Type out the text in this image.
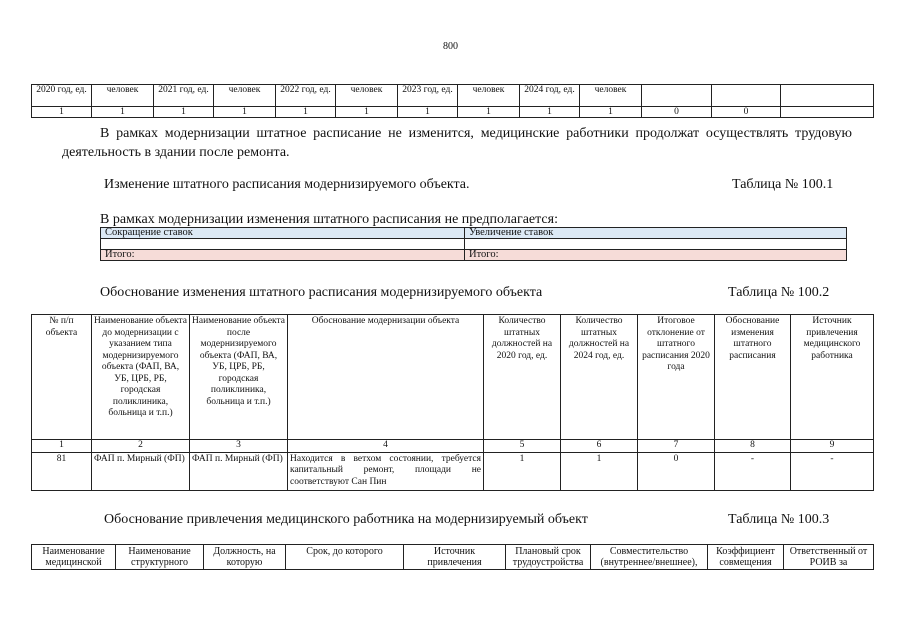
800
2020 год, ед.	человек	2021 год, ед.	человек	2022 год, ед.	человек	2023 год, ед.	человек	2024 год, ед.	человек			
1	1	1	1	1	1	1	1	1	1	0	0	
В рамках модернизации штатное расписание не изменится, медицинские работники продолжат осуществлять трудовую деятельность в здании после ремонта.
Изменение штатного расписания модернизируемого объекта.	Таблица № 100.1
В рамках модернизации изменения штатного расписания не предполагается:
Сокращение ставок	Увеличение ставок

Итого:	Итого:
Обоснование изменения штатного расписания модернизируемого объекта	Таблица № 100.2
№ п/п объекта	Наименование объекта до модернизации с указанием типа модернизируемого объекта (ФАП, ВА, УБ, ЦРБ, РБ, городская поликлиника, больница и т.п.)	Наименование объекта после модернизируемого объекта (ФАП, ВА, УБ, ЦРБ, РБ, городская поликлиника, больница и т.п.)	Обоснование модернизации объекта	Количество штатных должностей на 2020 год, ед.	Количество штатных должностей на 2024 год, ед.	Итоговое отклонение от штатного расписания 2020 года	Обоснование изменения штатного расписания	Источник привлечения медицинского работника
1	2	3	4	5	6	7	8	9
81	ФАП п. Мирный (ФП)	ФАП п. Мирный (ФП)	Находится в ветхом состоянии, требуется капитальный ремонт, площади не соответствуют Сан Пин	1	1	0	-	-
Обоснование привлечения медицинского работника на модернизируемый объект	Таблица № 100.3
Наименование медицинской	Наименование структурного	Должность, на которую	Срок, до которого	Источник привлечения	Плановый срок трудоустройства	Совместительство (внутреннее/внешнее),	Коэффициент совмещения	Ответственный от РОИВ за
